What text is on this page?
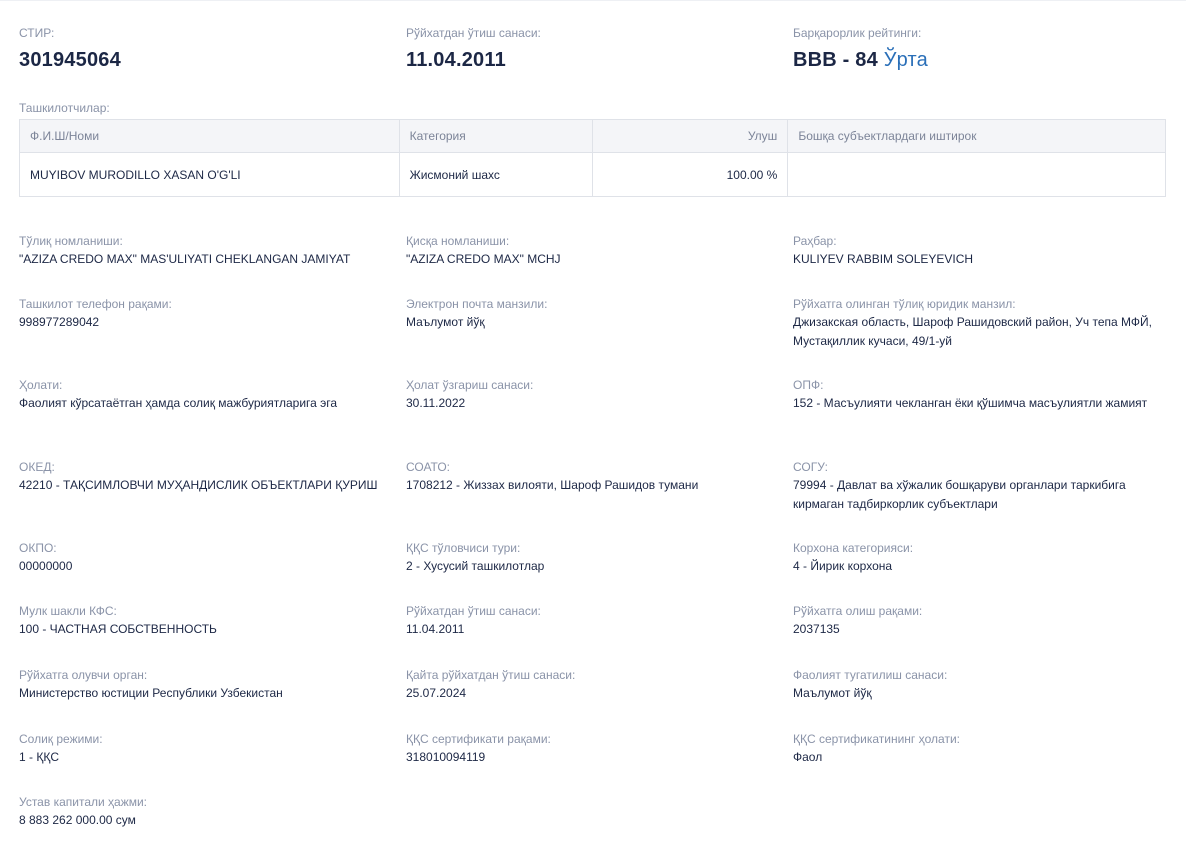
СТИР:
301945064
Рўйхатдан ўтиш санаси:
11.04.2011
Барқарорлик рейтинги:
BBB - 84 Ўрта
Ташкилотчилар:
Ф.И.Ш/Номи	Категория	Улуш	Бошқа субъектлардаги иштирок
MUYIBOV MURODILLO XASAN O'G'LI	Жисмоний шахс	100.00 %	
Тўлиқ номланиши:
"AZIZA CREDO MAX" MAS'ULIYATI CHEKLANGAN JAMIYAT
Қисқа номланиши:
"AZIZA CREDO MAX" MCHJ
Раҳбар:
KULIYEV RABBIM SOLEYEVICH
Ташкилот телефон рақами:
998977289042
Электрон почта манзили:
Маълумот йўқ
Рўйхатга олинган тўлиқ юридик манзил:
Джизакская область, Шароф Рашидовский район, Уч тепа МФЙ, Мустақиллик кучаси, 49/1-уй
Ҳолати:
Фаолият кўрсатаётган ҳамда солиқ мажбуриятларига эга
Ҳолат ўзгариш санаси:
30.11.2022
ОПФ:
152 - Масъулияти чекланган ёки қўшимча масъулиятли жамият
ОКЕД:
42210 - ТАҚСИМЛОВЧИ МУҲАНДИСЛИК ОБЪЕКТЛАРИ ҚУРИШ
СОАТО:
1708212 - Жиззах вилояти, Шароф Рашидов тумани
СОГУ:
79994 - Давлат ва хўжалик бошқаруви органлари таркибига кирмаган тадбиркорлик субъектлари
ОКПО:
00000000
ҚҚС тўловчиси тури:
2 - Хусусий ташкилотлар
Корхона категорияси:
4 - Йирик корхона
Мулк шакли КФС:
100 - ЧАСТНАЯ СОБСТВЕННОСТЬ
Рўйхатдан ўтиш санаси:
11.04.2011
Рўйхатга олиш рақами:
2037135
Рўйхатга олувчи орган:
Министерство юстиции Республики Узбекистан
Қайта рўйхатдан ўтиш санаси:
25.07.2024
Фаолият тугатилиш санаси:
Маълумот йўқ
Солиқ режими:
1 - ҚҚС
ҚҚС сертификати рақами:
318010094119
ҚҚС сертификатининг ҳолати:
Фаол
Устав капитали ҳажми:
8 883 262 000.00 сум
